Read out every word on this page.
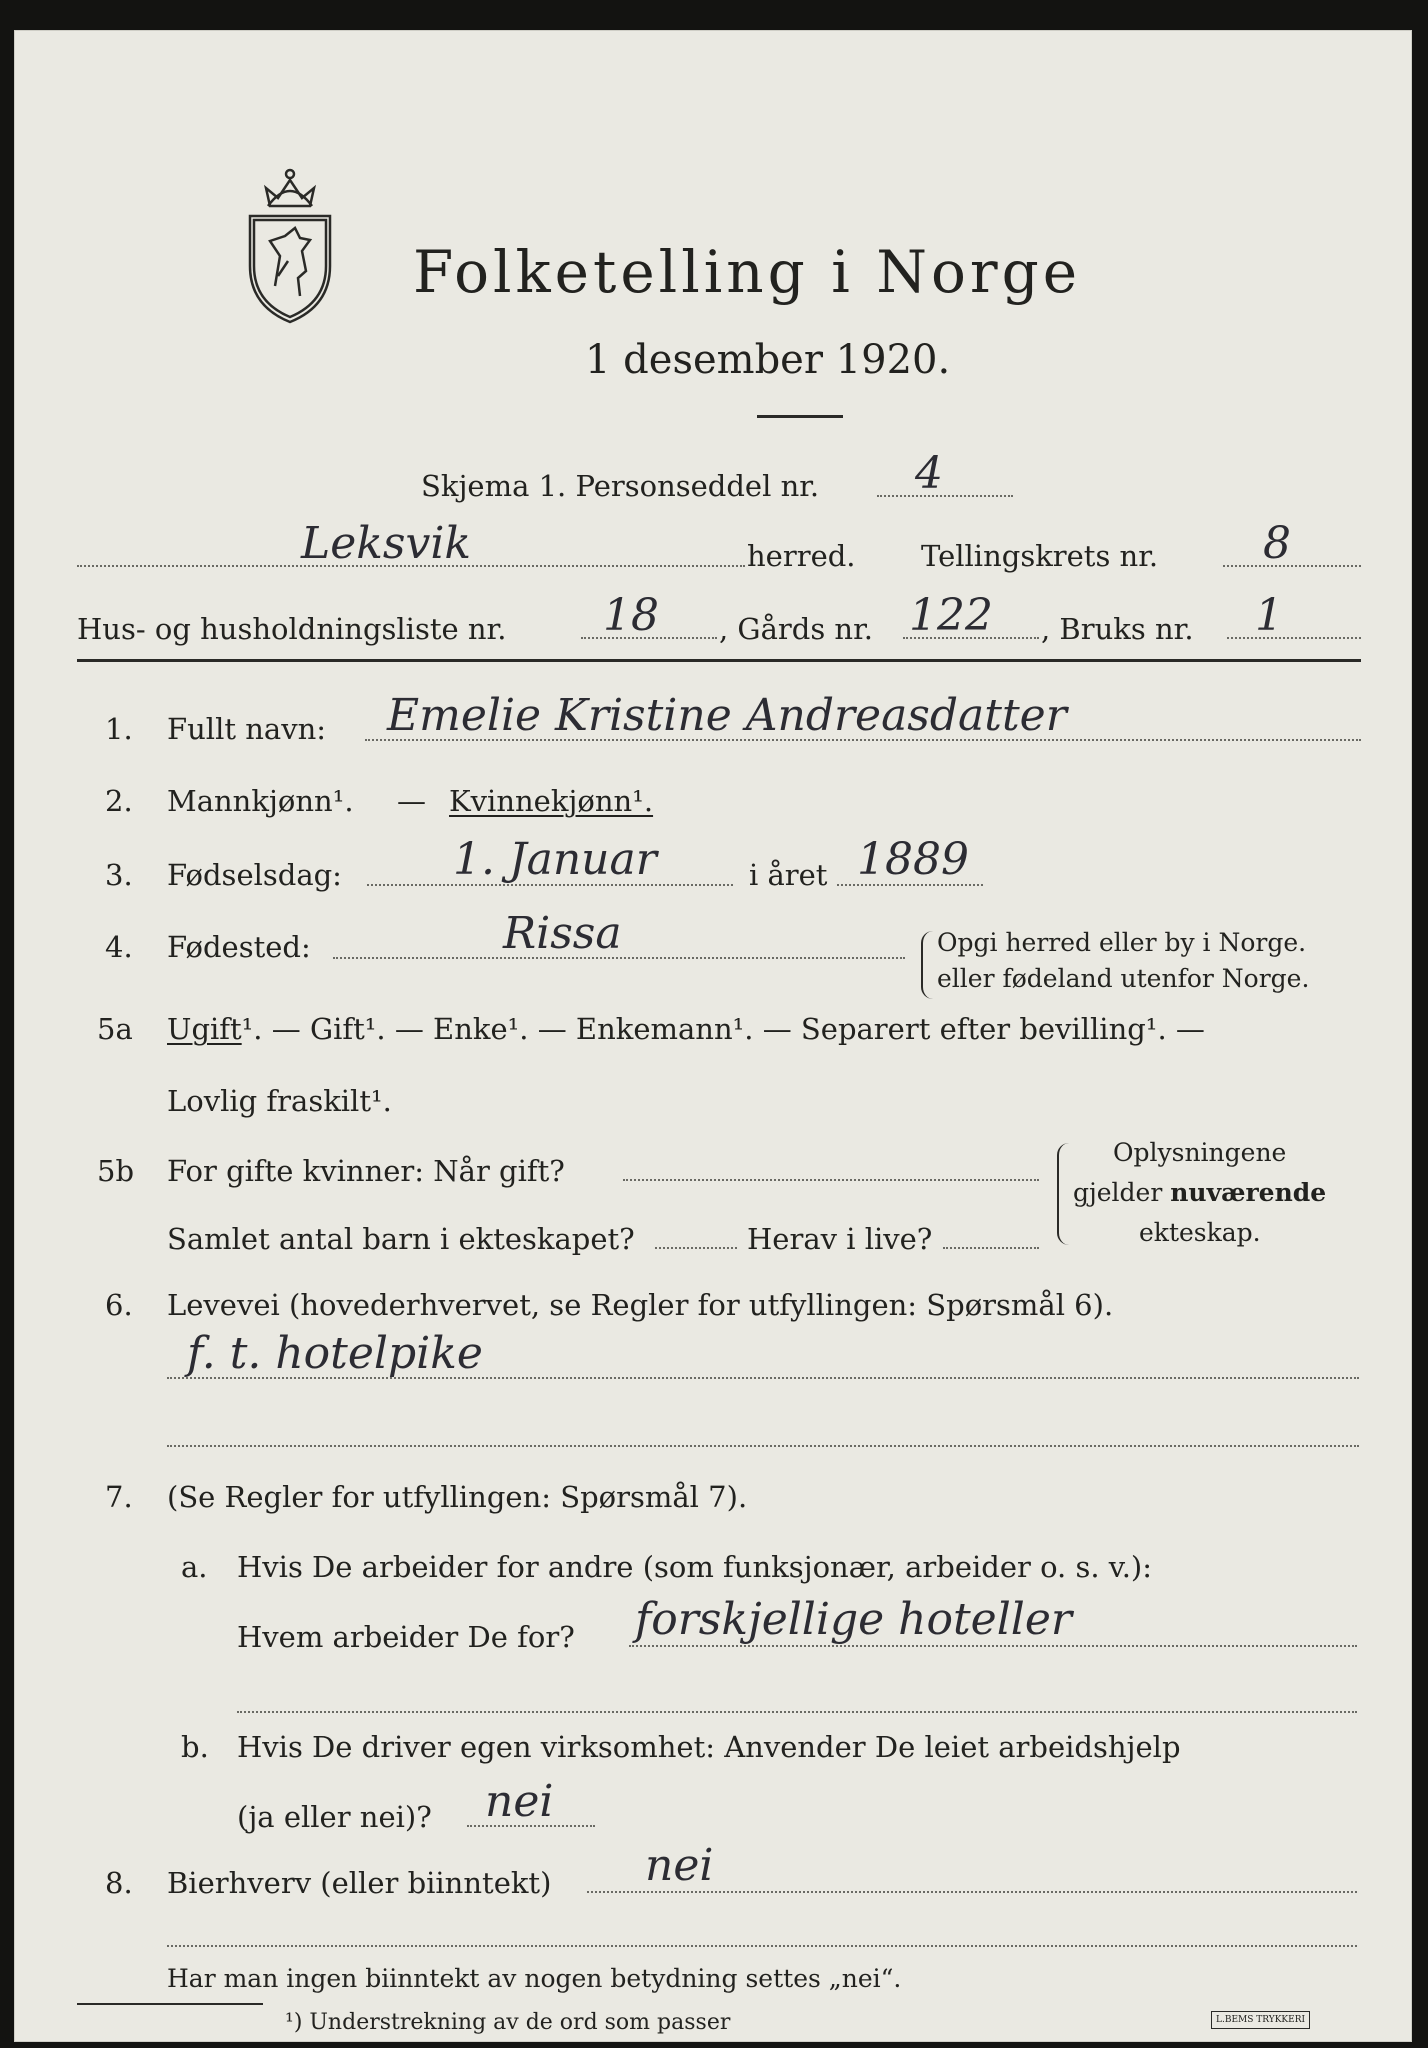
Folketelling i Norge
1 desember 1920.
Skjema 1. Personseddel nr. 4
Leksvik	herred. Tellingskrets nr. 8
Hus- og husholdningsliste nr. 18 , Gårds nr. 122 , Bruks nr. 1
1. Fullt navn: Emelie Kristine Andreasdatter
2. Mannkjønn¹. — Kvinnekjønn¹.
3. Fødselsdag:	1. Januar	i året 1889
4. Fødested:	Rissa	Opgi herred eller by i Norge.
eller fødeland utenfor Norge.
5a Ugift¹. — Gift¹. — Enke¹. — Enkemann¹. — Separert efter bevilling¹. —
Lovlig fraskilt¹.
5b For gifte kvinner: Når gift?
Samlet antal barn i ekteskapet?	Herav i live?
Oplysningene
gjelder nuværende
ekteskap.
6. Levevei (hovederhvervet, se Regler for utfyllingen: Spørsmål 6).
f. t. hotelpike
7. (Se Regler for utfyllingen: Spørsmål 7).
a. Hvis De arbeider for andre (som funksjonær, arbeider o. s. v.):
Hvem arbeider De for? forskjellige hoteller
b. Hvis De driver egen virksomhet: Anvender De leiet arbeidshjelp
(ja eller nei)? nei
8. Bierhverv (eller biinntekt) nei
Har man ingen biinntekt av nogen betydning settes „nei“.
¹) Understrekning av de ord som passer	L.BEMS TRYKKERI
